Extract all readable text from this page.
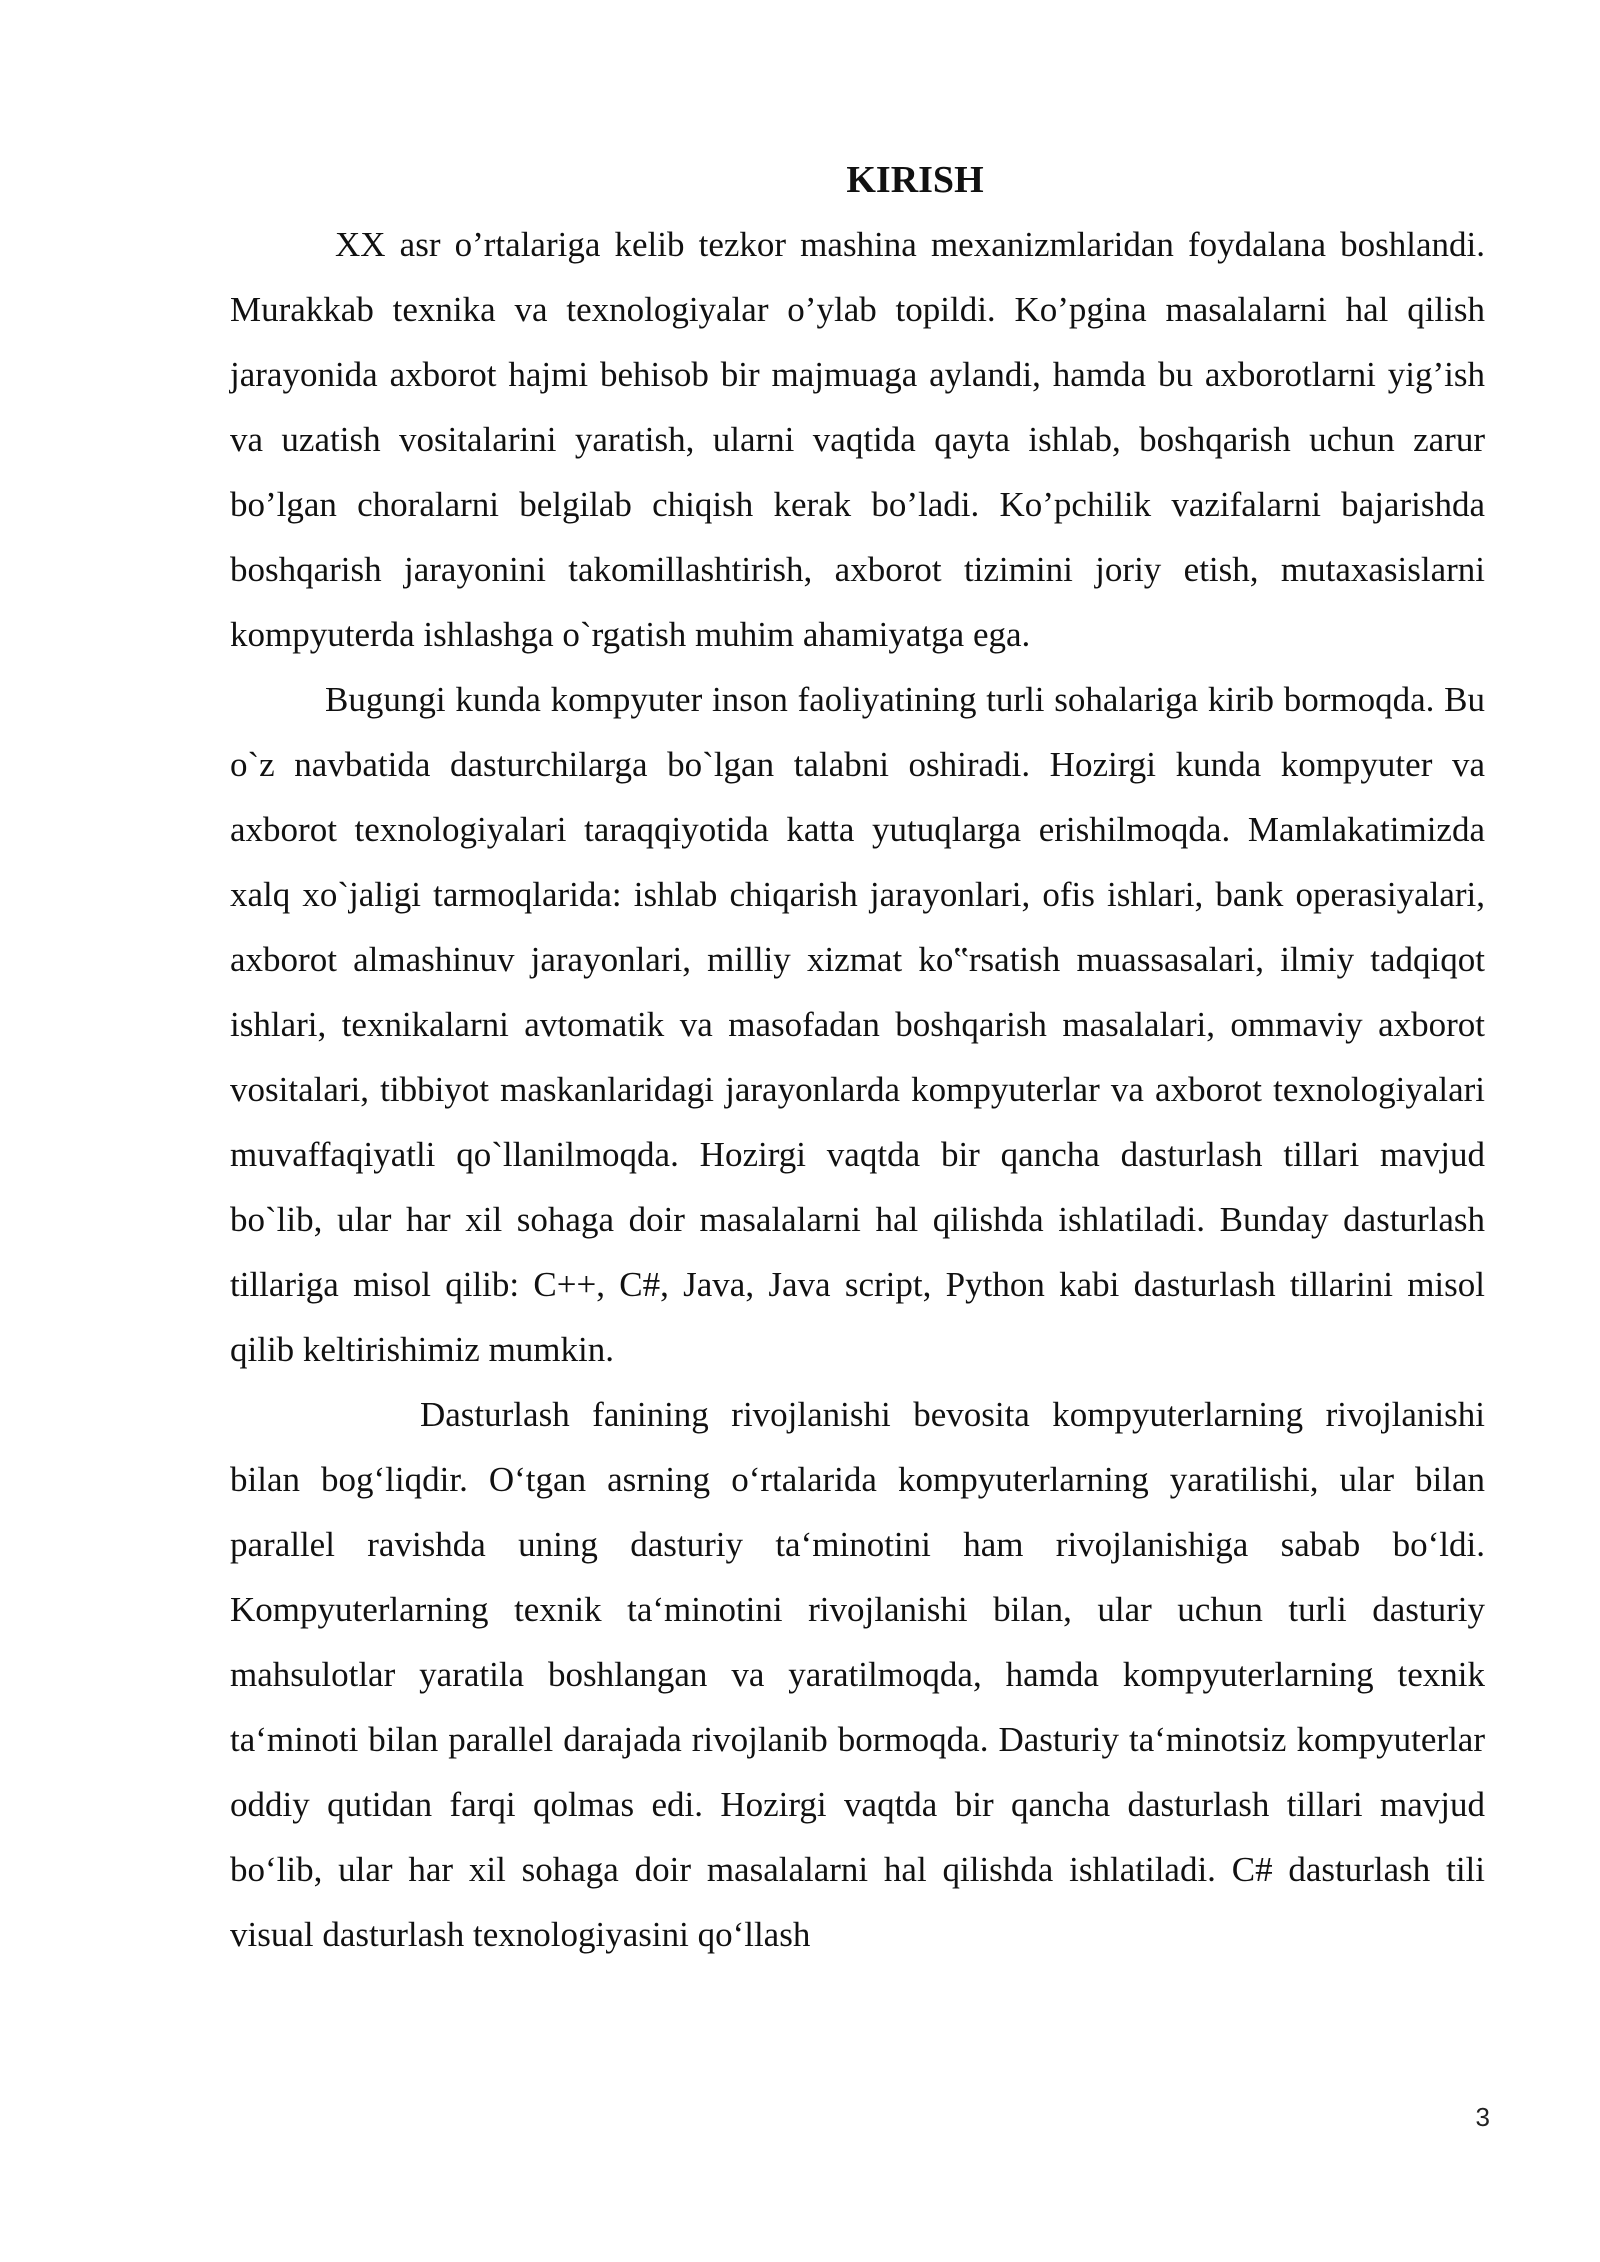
KIRISH

XX asr o’rtalariga kelib tezkor mashina mexanizmlaridan foydalana boshlandi. Murakkab texnika va texnologiyalar o’ylab topildi. Ko’pgina masalalarni hal qilish jarayonida axborot hajmi behisob bir majmuaga aylandi, hamda bu axborotlarni yig’ish va uzatish vositalarini yaratish, ularni vaqtida qayta ishlab, boshqarish uchun zarur bo’lgan choralarni belgilab chiqish kerak bo’ladi. Ko’pchilik vazifalarni bajarishda boshqarish jarayonini takomillashtirish, axborot tizimini joriy etish, mutaxasislarni kompyuterda ishlashga o`rgatish muhim ahamiyatga ega.

Bugungi kunda kompyuter inson faoliyatining turli sohalariga kirib bormoqda. Bu o`z navbatida dasturchilarga bo`lgan talabni oshiradi. Hozirgi kunda kompyuter va axborot texnologiyalari taraqqiyotida katta yutuqlarga erishilmoqda. Mamlakatimizda xalq xo`jaligi tarmoqlarida: ishlab chiqarish jarayonlari, ofis ishlari, bank operasiyalari, axborot almashinuv jarayonlari, milliy xizmat ko‟rsatish muassasalari, ilmiy tadqiqot ishlari, texnikalarni avtomatik va masofadan boshqarish masalalari, ommaviy axborot vositalari, tibbiyot maskanlaridagi jarayonlarda kompyuterlar va axborot texnologiyalari muvaffaqiyatli qo`llanilmoqda. Hozirgi vaqtda bir qancha dasturlash tillari mavjud bo`lib, ular har xil sohaga doir masalalarni hal qilishda ishlatiladi. Bunday dasturlash tillariga misol qilib: C++, C#, Java, Java script, Python kabi dasturlash tillarini misol qilib keltirishimiz mumkin.

Dasturlash fanining rivojlanishi bevosita kompyuterlarning rivojlanishi bilan bog‘liqdir. O‘tgan asrning o‘rtalarida kompyuterlarning yaratilishi, ular bilan parallel ravishda uning dasturiy ta‘minotini ham rivojlanishiga sabab bo‘ldi. Kompyuterlarning texnik ta‘minotini rivojlanishi bilan, ular uchun turli dasturiy mahsulotlar yaratila boshlangan va yaratilmoqda, hamda kompyuterlarning texnik ta‘minoti bilan parallel darajada rivojlanib bormoqda. Dasturiy ta‘minotsiz kompyuterlar oddiy qutidan farqi qolmas edi. Hozirgi vaqtda bir qancha dasturlash tillari mavjud bo‘lib, ular har xil sohaga doir masalalarni hal qilishda ishlatiladi. C# dasturlash tili visual dasturlash texnologiyasini qo‘llash

3
